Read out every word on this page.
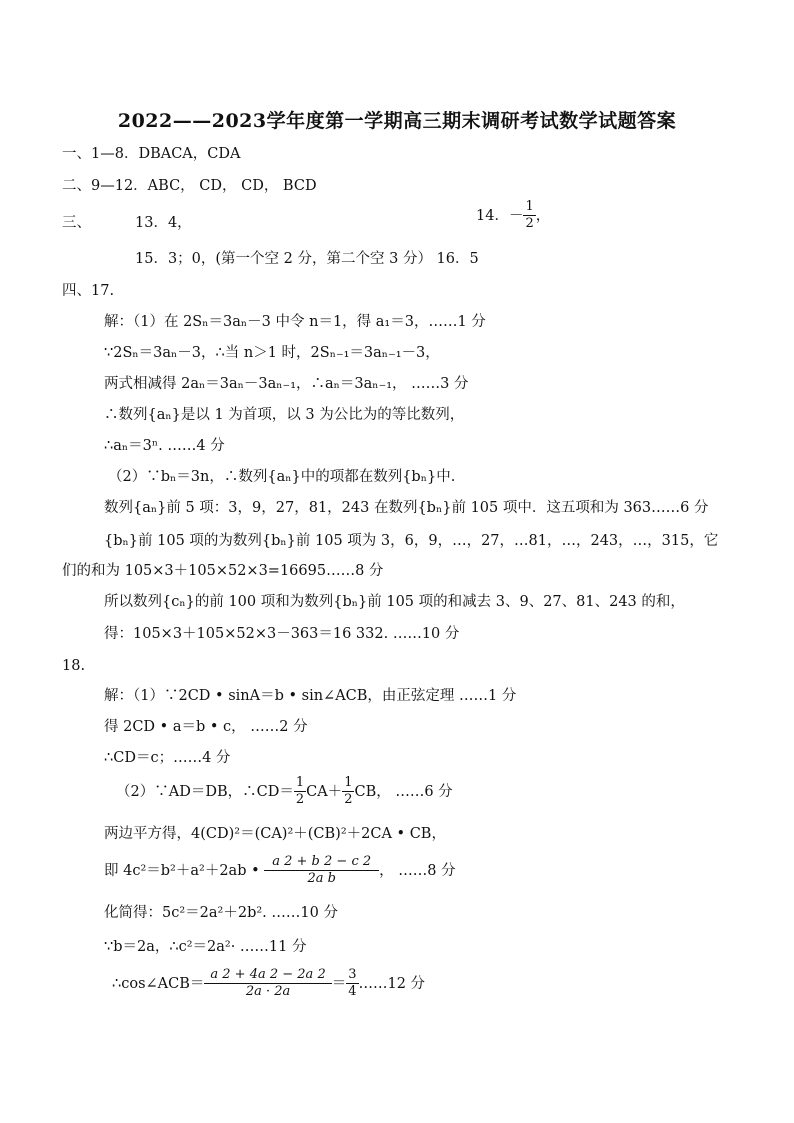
2022——2023学年度第一学期高三期末调研考试数学试题答案
一、1—8．DBACA，CDA
二、9—12．ABC， CD， CD， BCD
三、	13．4，	14．－ $\frac{1}{2}$ ，
15．3；0，(第一个空 2 分，第二个空 3 分） 16．5
四、17.
解：（1）在 2Sₙ＝3aₙ－3 中令 n＝1，得 a₁＝3，……1 分
∵2Sₙ＝3aₙ－3，∴当 n＞1 时，2Sₙ₋₁＝3aₙ₋₁－3，
两式相减得 2aₙ＝3aₙ－3aₙ₋₁，∴aₙ＝3aₙ₋₁， ……3 分
∴数列{aₙ}是以 1 为首项，以 3 为公比为的等比数列，
∴aₙ＝3ⁿ. ……4 分
（2）∵bₙ＝3n，∴数列{aₙ}中的项都在数列{bₙ}中.
数列{aₙ}前 5 项：3，9，27，81，243 在数列{bₙ}前 105 项中．这五项和为 363……6 分
{bₙ}前 105 项的为数列{bₙ}前 105 项为 3，6，9，…，27，…81，…，243，…，315，它
们的和为 105×3＋105×52×3=16695……8 分
所以数列{cₙ}的前 100 项和为数列{bₙ}前 105 项的和减去 3、9、27、81、243 的和，
得：105×3＋105×52×3－363＝16 332. ……10 分
18.
解：（1）∵2CD • sinA＝b • sin∠ACB，由正弦定理 ……1 分
得 2CD • a＝b • c， ……2 分
∴CD＝c；……4 分
（2）∵AD＝DB，∴CD＝ $\frac{1}{2} CA+ \frac{1}{2}$ CB， ……6 分
两边平方得，4(CD)²＝(CA)²＋(CB)²＋2CA • CB，
即 4c²＝b²＋a²＋2ab • $\frac{a 2 + b 2 - c 2}{\text{2a b}}$ ， ……8 分
化简得：5c²＝2a²＋2b². ……10 分
∵b＝2a，∴c²＝2a²· ……11 分
∴cos∠ACB＝ $\frac{a 2 + 4a 2 - 2a 2}{2a \cdot 2a} = \frac{3}{4}$ ……12 分
